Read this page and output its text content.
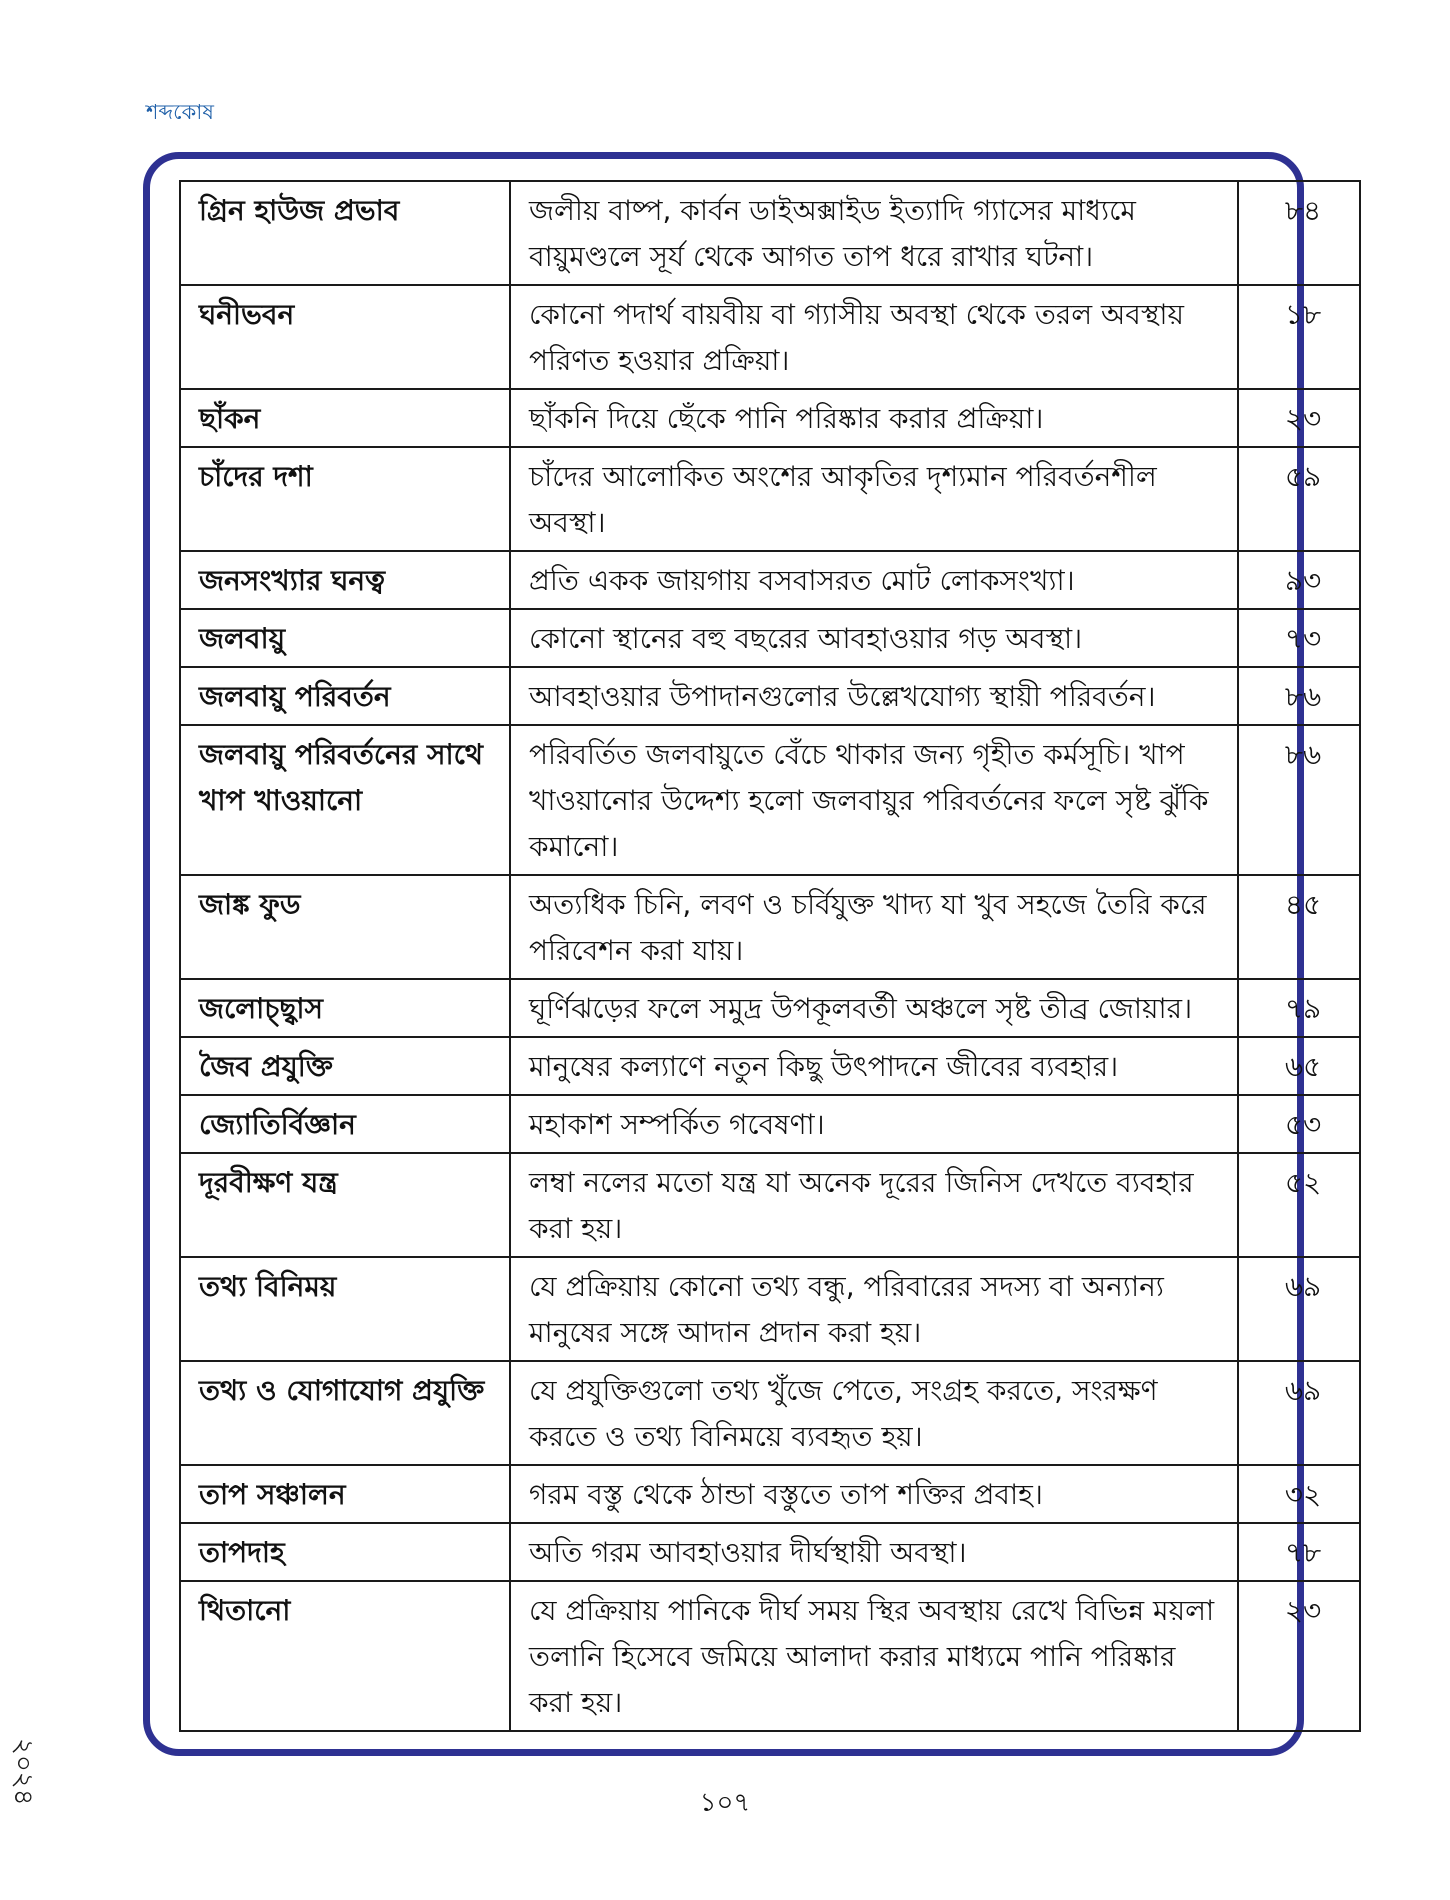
শব্দকোষ
গ্রিন হাউজ প্রভাব	জলীয় বাষ্প, কার্বন ডাইঅক্সাইড ইত্যাদি গ্যাসের মাধ্যমে বায়ুমণ্ডলে সূর্য থেকে আগত তাপ ধরে রাখার ঘটনা।	৮৪
ঘনীভবন	কোনো পদার্থ বায়বীয় বা গ্যাসীয় অবস্থা থেকে তরল অবস্থায় পরিণত হওয়ার প্রক্রিয়া।	১৮
ছাঁকন	ছাঁকনি দিয়ে ছেঁকে পানি পরিষ্কার করার প্রক্রিয়া।	২৩
চাঁদের দশা	চাঁদের আলোকিত অংশের আকৃতির দৃশ্যমান পরিবর্তনশীল অবস্থা।	৫৯
জনসংখ্যার ঘনত্ব	প্রতি একক জায়গায় বসবাসরত মোট লোকসংখ্যা।	৯৩
জলবায়ু	কোনো স্থানের বহু বছরের আবহাওয়ার গড় অবস্থা।	৭৩
জলবায়ু পরিবর্তন	আবহাওয়ার উপাদানগুলোর উল্লেখযোগ্য স্থায়ী পরিবর্তন।	৮৬
জলবায়ু পরিবর্তনের সাথে খাপ খাওয়ানো	পরিবর্তিত জলবায়ুতে বেঁচে থাকার জন্য গৃহীত কর্মসূচি। খাপ খাওয়ানোর উদ্দেশ্য হলো জলবায়ুর পরিবর্তনের ফলে সৃষ্ট ঝুঁকি কমানো।	৮৬
জাঙ্ক ফুড	অত্যধিক চিনি, লবণ ও চর্বিযুক্ত খাদ্য যা খুব সহজে তৈরি করে পরিবেশন করা যায়।	৪৫
জলোচ্ছ্বাস	ঘূর্ণিঝড়ের ফলে সমুদ্র উপকূলবর্তী অঞ্চলে সৃষ্ট তীব্র জোয়ার।	৭৯
জৈব প্রযুক্তি	মানুষের কল্যাণে নতুন কিছু উৎপাদনে জীবের ব্যবহার।	৬৫
জ্যোতির্বিজ্ঞান	মহাকাশ সম্পর্কিত গবেষণা।	৫৩
দূরবীক্ষণ যন্ত্র	লম্বা নলের মতো যন্ত্র যা অনেক দূরের জিনিস দেখতে ব্যবহার করা হয়।	৫২
তথ্য বিনিময়	যে প্রক্রিয়ায় কোনো তথ্য বন্ধু, পরিবারের সদস্য বা অন্যান্য মানুষের সঙ্গে আদান প্রদান করা হয়।	৬৯
তথ্য ও যোগাযোগ প্রযুক্তি	যে প্রযুক্তিগুলো তথ্য খুঁজে পেতে, সংগ্রহ করতে, সংরক্ষণ করতে ও তথ্য বিনিময়ে ব্যবহৃত হয়।	৬৯
তাপ সঞ্চালন	গরম বস্তু থেকে ঠান্ডা বস্তুতে তাপ শক্তির প্রবাহ।	৩২
তাপদাহ	অতি গরম আবহাওয়ার দীর্ঘস্থায়ী অবস্থা।	৭৮
থিতানো	যে প্রক্রিয়ায় পানিকে দীর্ঘ সময় স্থির অবস্থায় রেখে বিভিন্ন ময়লা তলানি হিসেবে জমিয়ে আলাদা করার মাধ্যমে পানি পরিষ্কার করা হয়।	২৩
২০২৪	১০৭
